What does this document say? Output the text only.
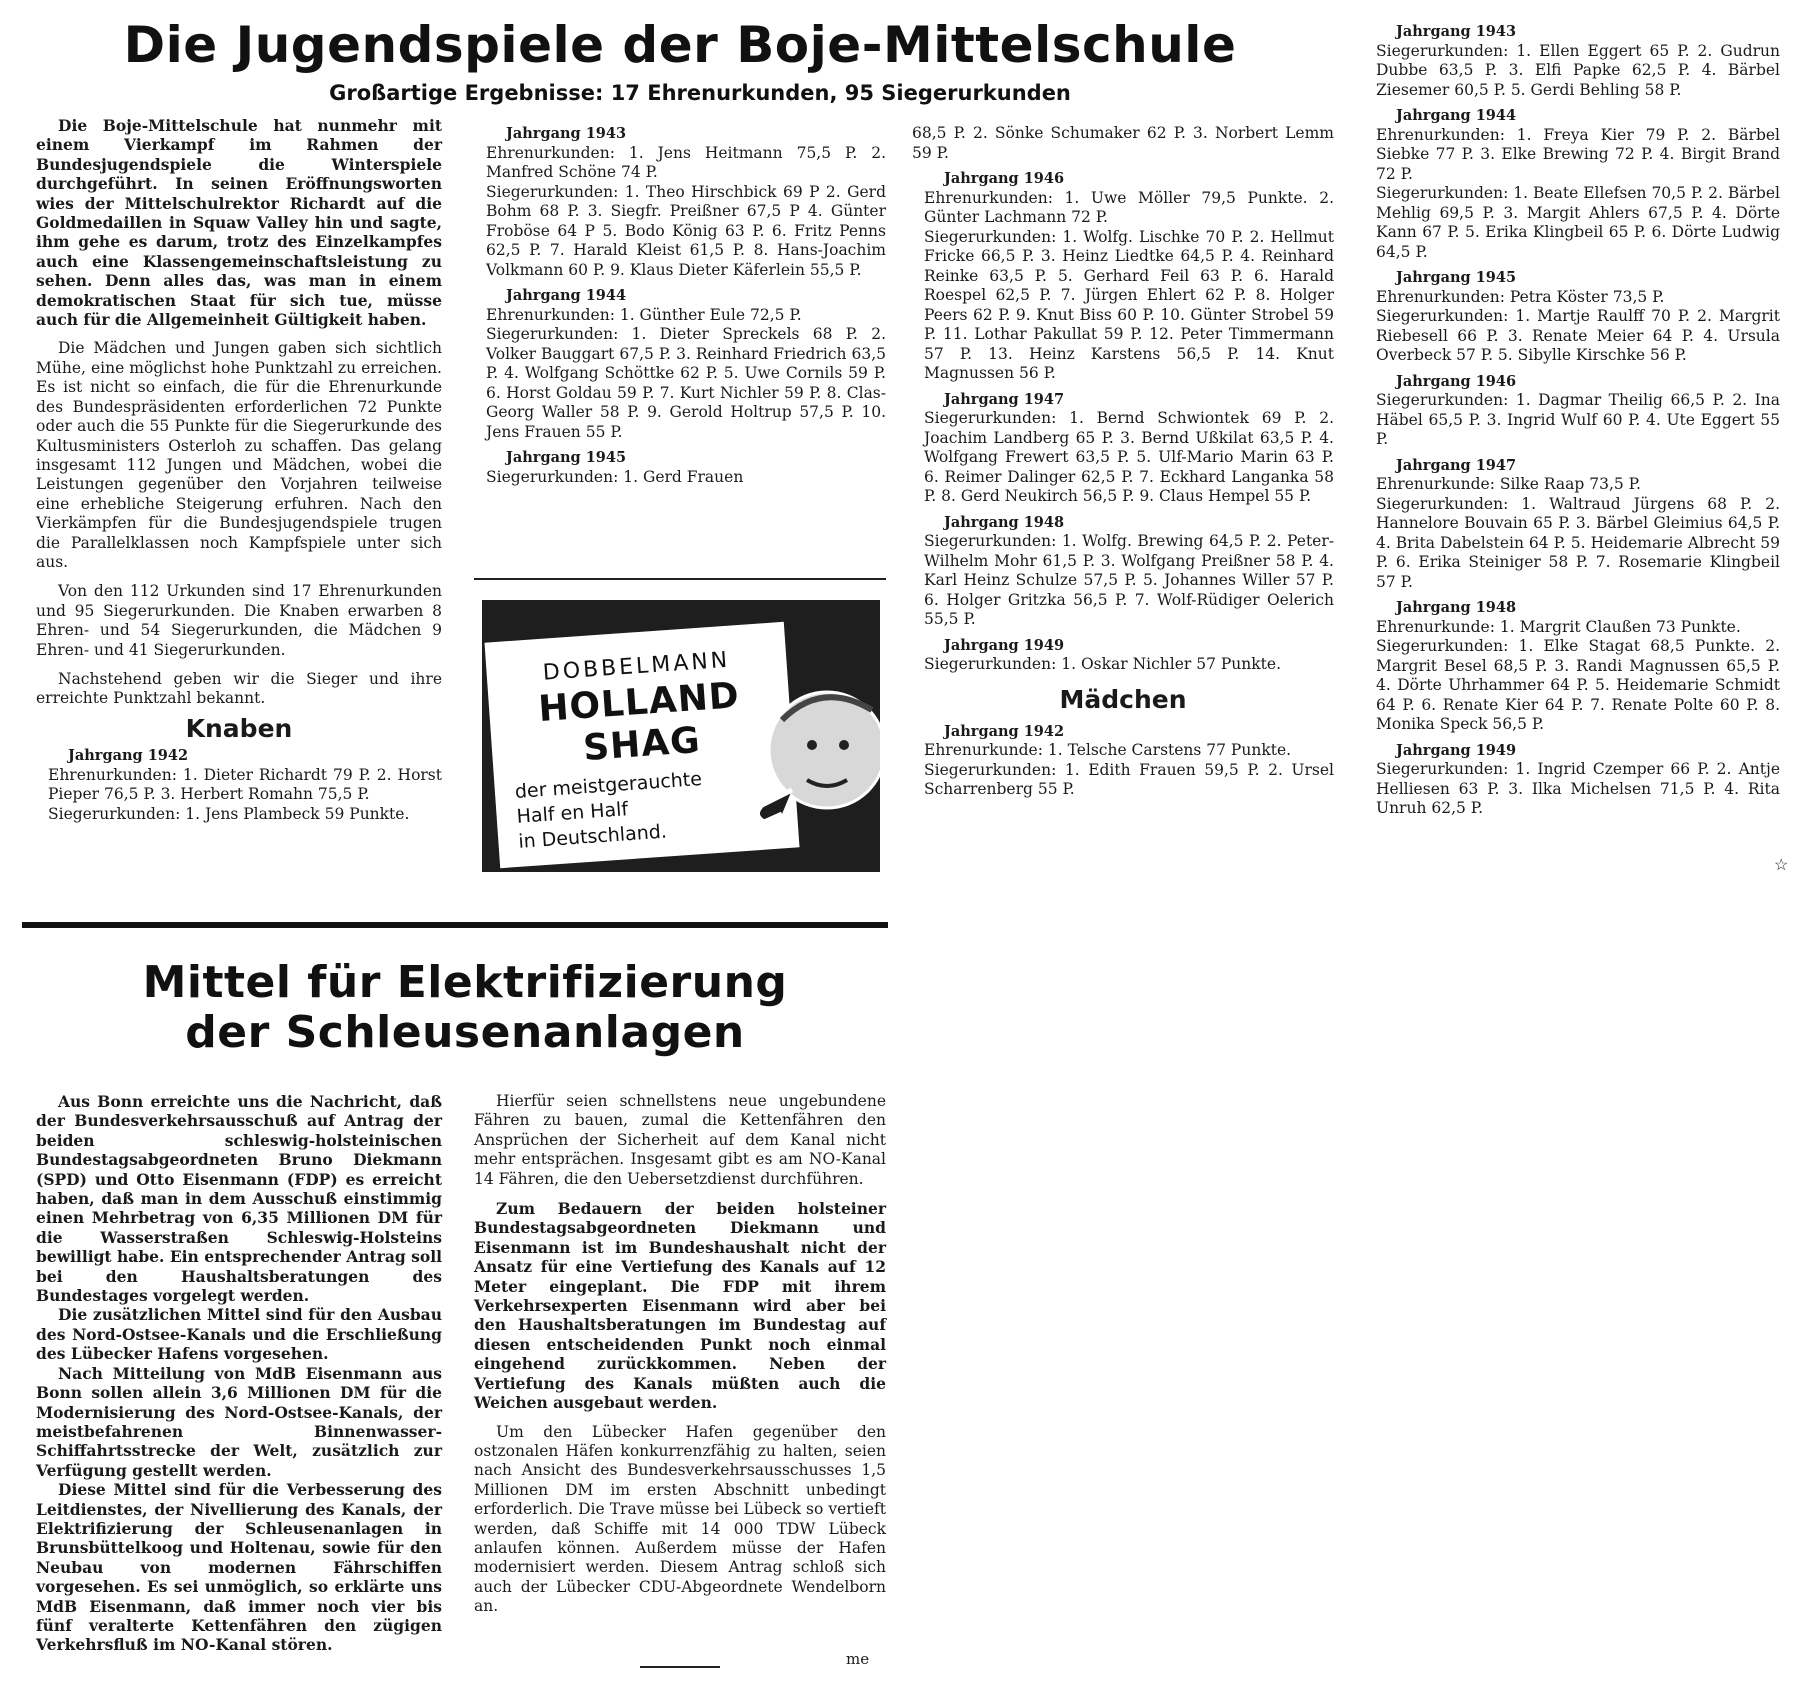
Die Jugendspiele der Boje-Mittelschule
Großartige Ergebnisse: 17 Ehrenurkunden, 95 Siegerurkunden

Die Boje-Mittelschule hat nunmehr mit einem Vierkampf im Rahmen der Bundesjugendspiele die Winterspiele durchgeführt. In seinen Eröffnungsworten wies der Mittelschulrektor Richardt auf die Goldmedaillen in Squaw Valley hin und sagte, ihm gehe es darum, trotz des Einzelkampfes auch eine Klassengemeinschaftsleistung zu sehen. Denn alles das, was man in einem demokratischen Staat für sich tue, müsse auch für die Allgemeinheit Gültigkeit haben.

Die Mädchen und Jungen gaben sich sichtlich Mühe, eine möglichst hohe Punktzahl zu erreichen. Es ist nicht so einfach, die für die Ehrenurkunde des Bundespräsidenten erforderlichen 72 Punkte oder auch die 55 Punkte für die Siegerurkunde des Kultusministers Osterloh zu schaffen. Das gelang insgesamt 112 Jungen und Mädchen, wobei die Leistungen gegenüber den Vorjahren teilweise eine erhebliche Steigerung erfuhren. Nach den Vierkämpfen für die Bundesjugendspiele trugen die Parallelklassen noch Kampfspiele unter sich aus.

Von den 112 Urkunden sind 17 Ehrenurkunden und 95 Siegerurkunden. Die Knaben erwarben 8 Ehren- und 54 Siegerurkunden, die Mädchen 9 Ehren- und 41 Siegerurkunden.

Nachstehend geben wir die Sieger und ihre erreichte Punktzahl bekannt.

Knaben
Jahrgang 1942
Ehrenurkunden: 1. Dieter Richardt 79 P. 2. Horst Pieper 76,5 P. 3. Herbert Romahn 75,5 P.
Siegerurkunden: 1. Jens Plambeck 59 Punkte.
Jahrgang 1943
Ehrenurkunden: 1. Jens Heitmann 75,5 P. 2. Manfred Schöne 74 P.
Siegerurkunden: 1. Theo Hirschbick 69 P 2. Gerd Bohm 68 P. 3. Siegfr. Preißner 67,5 P 4. Günter Froböse 64 P 5. Bodo König 63 P. 6. Fritz Penns 62,5 P. 7. Harald Kleist 61,5 P. 8. Hans-Joachim Volkmann 60 P. 9. Klaus Dieter Käferlein 55,5 P.
Jahrgang 1944
Ehrenurkunden: 1. Günther Eule 72,5 P.
Siegerurkunden: 1. Dieter Spreckels 68 P. 2. Volker Bauggart 67,5 P. 3. Reinhard Friedrich 63,5 P. 4. Wolfgang Schöttke 62 P. 5. Uwe Cornils 59 P. 6. Horst Goldau 59 P. 7. Kurt Nichler 59 P. 8. Clas-Georg Waller 58 P. 9. Gerold Holtrup 57,5 P. 10. Jens Frauen 55 P.
Jahrgang 1945
Siegerurkunden: 1. Gerd Frauen
DOBBELMANN
HOLLAND
SHAG
der meistgerauchte
Half en Half
in Deutschland.
68,5 P. 2. Sönke Schumaker 62 P. 3. Norbert Lemm 59 P.
Jahrgang 1946
Ehrenurkunden: 1. Uwe Möller 79,5 Punkte. 2. Günter Lachmann 72 P.
Siegerurkunden: 1. Wolfg. Lischke 70 P. 2. Hellmut Fricke 66,5 P. 3. Heinz Liedtke 64,5 P. 4. Reinhard Reinke 63,5 P. 5. Gerhard Feil 63 P. 6. Harald Roespel 62,5 P. 7. Jürgen Ehlert 62 P. 8. Holger Peers 62 P. 9. Knut Biss 60 P. 10. Günter Strobel 59 P. 11. Lothar Pakullat 59 P. 12. Peter Timmermann 57 P. 13. Heinz Karstens 56,5 P. 14. Knut Magnussen 56 P.
Jahrgang 1947
Siegerurkunden: 1. Bernd Schwiontek 69 P. 2. Joachim Landberg 65 P. 3. Bernd Ußkilat 63,5 P. 4. Wolfgang Frewert 63,5 P. 5. Ulf-Mario Marin 63 P. 6. Reimer Dalinger 62,5 P. 7. Eckhard Langanka 58 P. 8. Gerd Neukirch 56,5 P. 9. Claus Hempel 55 P.
Jahrgang 1948
Siegerurkunden: 1. Wolfg. Brewing 64,5 P. 2. Peter-Wilhelm Mohr 61,5 P. 3. Wolfgang Preißner 58 P. 4. Karl Heinz Schulze 57,5 P. 5. Johannes Willer 57 P. 6. Holger Gritzka 56,5 P. 7. Wolf-Rüdiger Oelerich 55,5 P.
Jahrgang 1949
Siegerurkunden: 1. Oskar Nichler 57 Punkte.
Mädchen
Jahrgang 1942
Ehrenurkunde: 1. Telsche Carstens 77 Punkte.
Siegerurkunden: 1. Edith Frauen 59,5 P. 2. Ursel Scharrenberg 55 P.
Jahrgang 1943
Siegerurkunden: 1. Ellen Eggert 65 P. 2. Gudrun Dubbe 63,5 P. 3. Elfi Papke 62,5 P. 4. Bärbel Ziesemer 60,5 P. 5. Gerdi Behling 58 P.
Jahrgang 1944
Ehrenurkunden: 1. Freya Kier 79 P. 2. Bärbel Siebke 77 P. 3. Elke Brewing 72 P. 4. Birgit Brand 72 P.
Siegerurkunden: 1. Beate Ellefsen 70,5 P. 2. Bärbel Mehlig 69,5 P. 3. Margit Ahlers 67,5 P. 4. Dörte Kann 67 P. 5. Erika Klingbeil 65 P. 6. Dörte Ludwig 64,5 P.
Jahrgang 1945
Ehrenurkunden: Petra Köster 73,5 P.
Siegerurkunden: 1. Martje Raulff 70 P. 2. Margrit Riebesell 66 P. 3. Renate Meier 64 P. 4. Ursula Overbeck 57 P. 5. Sibylle Kirschke 56 P.
Jahrgang 1946
Siegerurkunden: 1. Dagmar Theilig 66,5 P. 2. Ina Häbel 65,5 P. 3. Ingrid Wulf 60 P. 4. Ute Eggert 55 P.
Jahrgang 1947
Ehrenurkunde: Silke Raap 73,5 P.
Siegerurkunden: 1. Waltraud Jürgens 68 P. 2. Hannelore Bouvain 65 P. 3. Bärbel Gleimius 64,5 P. 4. Brita Dabelstein 64 P. 5. Heidemarie Albrecht 59 P. 6. Erika Steiniger 58 P. 7. Rosemarie Klingbeil 57 P.
Jahrgang 1948
Ehrenurkunde: 1. Margrit Claußen 73 Punkte.
Siegerurkunden: 1. Elke Stagat 68,5 Punkte. 2. Margrit Besel 68,5 P. 3. Randi Magnussen 65,5 P. 4. Dörte Uhrhammer 64 P. 5. Heidemarie Schmidt 64 P. 6. Renate Kier 64 P. 7. Renate Polte 60 P. 8. Monika Speck 56,5 P.
Jahrgang 1949
Siegerurkunden: 1. Ingrid Czemper 66 P. 2. Antje Helliesen 63 P. 3. Ilka Michelsen 71,5 P. 4. Rita Unruh 62,5 P.
☆
Mittel für Elektrifizierung
der Schleusenanlagen

Aus Bonn erreichte uns die Nachricht, daß der Bundesverkehrsausschuß auf Antrag der beiden schleswig-holsteinischen Bundestagsabgeordneten Bruno Diekmann (SPD) und Otto Eisenmann (FDP) es erreicht haben, daß man in dem Ausschuß einstimmig einen Mehrbetrag von 6,35 Millionen DM für die Wasserstraßen Schleswig-Holsteins bewilligt habe. Ein entsprechender Antrag soll bei den Haushaltsberatungen des Bundestages vorgelegt werden.

Die zusätzlichen Mittel sind für den Ausbau des Nord-Ostsee-Kanals und die Erschließung des Lübecker Hafens vorgesehen.

Nach Mitteilung von MdB Eisenmann aus Bonn sollen allein 3,6 Millionen DM für die Modernisierung des Nord-Ostsee-Kanals, der meistbefahrenen Binnenwasser-Schiffahrtsstrecke der Welt, zusätzlich zur Verfügung gestellt werden.

Diese Mittel sind für die Verbesserung des Leitdienstes, der Nivellierung des Kanals, der Elektrifizierung der Schleusenanlagen in Brunsbüttelkoog und Holtenau, sowie für den Neubau von modernen Fährschiffen vorgesehen. Es sei unmöglich, so erklärte uns MdB Eisenmann, daß immer noch vier bis fünf veralterte Kettenfähren den zügigen Verkehrsfluß im NO-Kanal stören.

Hierfür seien schnellstens neue ungebundene Fähren zu bauen, zumal die Kettenfähren den Ansprüchen der Sicherheit auf dem Kanal nicht mehr entsprächen. Insgesamt gibt es am NO-Kanal 14 Fähren, die den Uebersetzdienst durchführen.

Zum Bedauern der beiden holsteiner Bundestagsabgeordneten Diekmann und Eisenmann ist im Bundeshaushalt nicht der Ansatz für eine Vertiefung des Kanals auf 12 Meter eingeplant. Die FDP mit ihrem Verkehrsexperten Eisenmann wird aber bei den Haushaltsberatungen im Bundestag auf diesen entscheidenden Punkt noch einmal eingehend zurückkommen. Neben der Vertiefung des Kanals müßten auch die Weichen ausgebaut werden.

Um den Lübecker Hafen gegenüber den ostzonalen Häfen konkurrenzfähig zu halten, seien nach Ansicht des Bundesverkehrsausschusses 1,5 Millionen DM im ersten Abschnitt unbedingt erforderlich. Die Trave müsse bei Lübeck so vertieft werden, daß Schiffe mit 14 000 TDW Lübeck anlaufen können. Außerdem müsse der Hafen modernisiert werden. Diesem Antrag schloß sich auch der Lübecker CDU-Abgeordnete Wendelborn an.

me
